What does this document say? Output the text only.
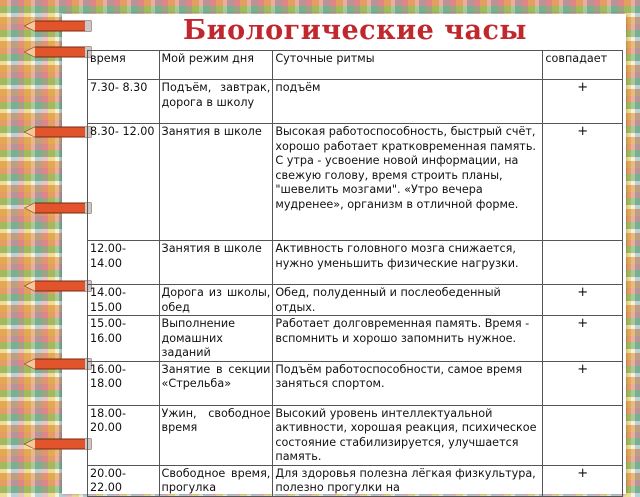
Биологические часы
время	Мой режим дня	Суточные ритмы	совпадает
7.30- 8.30	Подъём, завтрак, дорога в школу	подъём	+
8.30- 12.00	Занятия в школе	Высокая работоспособность, быстрый счёт, хорошо работает кратковременная память. С утра - усвоение новой информации, на свежую голову, время строить планы, "шевелить мозгами". «Утро вечера мудренее», организм в отличной форме.	+
12.00- 14.00	Занятия в школе	Активность головного мозга снижается, нужно уменьшить физические нагрузки.	
14.00- 15.00	Дорога из школы, обед	Обед, полуденный и послеобеденный отдых.	+
15.00- 16.00	Выполнение домашних заданий	Работает долговременная память. Время - вспомнить и хорошо запомнить нужное.	+
16.00- 18.00	Занятие в секции «Стрельба»	Подъём работоспособности, самое время заняться спортом.	+
18.00- 20.00	Ужин, свободное время	Высокий уровень интеллектуальной активности, хорошая реакция, психическое состояние стабилизируется, улучшается память.	
20.00- 22.00	Свободное время, прогулка	Для здоровья полезна лёгкая физкультура, полезно прогулки на	+
